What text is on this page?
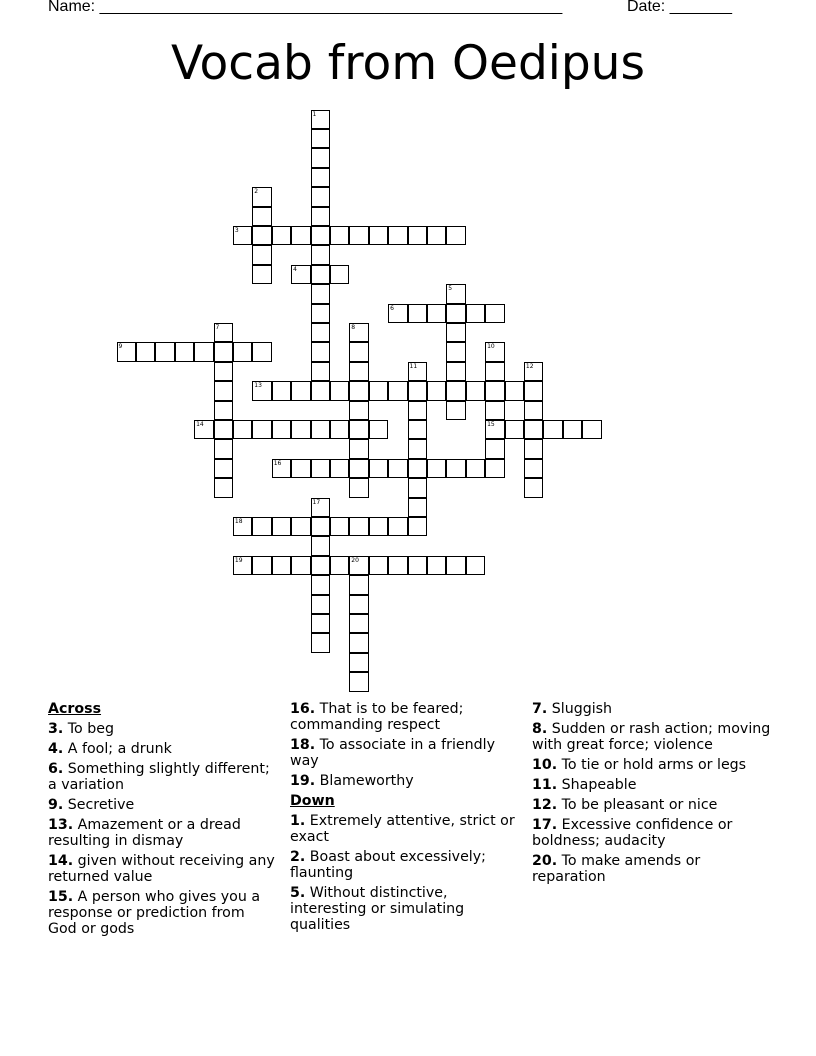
Name: ____________________________________________________	Date: _______
Vocab from Oedipus
1
2
3
4
5
6
7	8
9	10
15
11	12
13
14
16
17
18
19	20
Across
3. To beg
4. A fool; a drunk
6. Something slightly different; a variation
9. Secretive
13. Amazement or a dread resulting in dismay
14. given without receiving any returned value
15. A person who gives you a response or prediction from God or gods
16. That is to be feared; commanding respect
18. To associate in a friendly way
19. Blameworthy
Down
1. Extremely attentive, strict or exact
2. Boast about excessively; flaunting
5. Without distinctive, interesting or simulating qualities
7. Sluggish
8. Sudden or rash action; moving with great force; violence
10. To tie or hold arms or legs
11. Shapeable
12. To be pleasant or nice
17. Excessive confidence or boldness; audacity
20. To make amends or reparation
